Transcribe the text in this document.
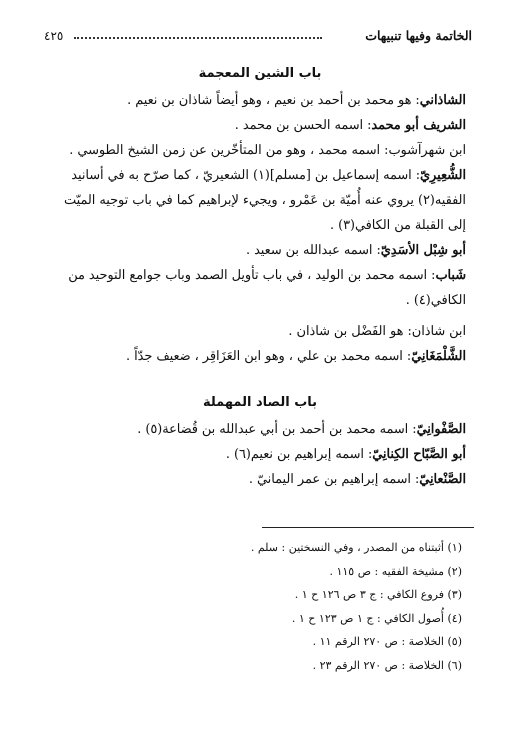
الخاتمة وفيها تنبيهات
٤٢٥
باب الشين المعجمة

الشاذاني: هو محمد بن أحمد بن نعيم ، وهو أيضاً شاذان بن نعيم .

الشريف أبو محمد: اسمه الحسن بن محمد .

ابن شهرآشوب: اسمه محمد ، وهو من المتأخّرين عن زمن الشيخ الطوسي .

الشُّعِيرِيّ: اسمه إسماعيل بن [مسلم](١) الشعيريّ ، كما صرّح به في أسانيد الفقيه(٢) يروي عنه أُميّة بن عَمْرو ، ويجيء لإبراهيم كما في باب توجيه الميّت إلى القبلة من الكافي(٣) .

أبو شِبْل الأسَدِيّ: اسمه عبدالله بن سعيد .

شَباب: اسمه محمد بن الوليد ، في باب تأويل الصمد وباب جوامع التوحيد من الكافي(٤) .

ابن شاذان: هو الفَضْل بن شاذان .

الشَّلْمَغَانِيّ: اسمه محمد بن علي ، وهو ابن العَزَاقِر ، ضعيف جدّاً .

باب الصاد المهملة

الصَّفْوانِيّ: اسمه محمد بن أحمد بن أبي عبدالله بن قُضاعة(٥) .

أبو الصَّبّاح الكِنانِيّ: اسمه إبراهيم بن نعيم(٦) .

الصَّنْعانِيّ: اسمه إبراهيم بن عمر اليمانيّ .

(١) أثبتناه من المصدر ، وفي النسختين : سلم .

(٢) مشيخة الفقيه : ص ١١٥ .

(٣) فروع الكافي : ج ٣ ص ١٢٦ ح ١ .

(٤) أُصول الكافي : ج ١ ص ١٢٣ ح ١ .

(٥) الخلاصة : ص ٢٧٠ الرقم ١١ .

(٦) الخلاصة : ص ٢٧٠ الرقم ٢٣ .
